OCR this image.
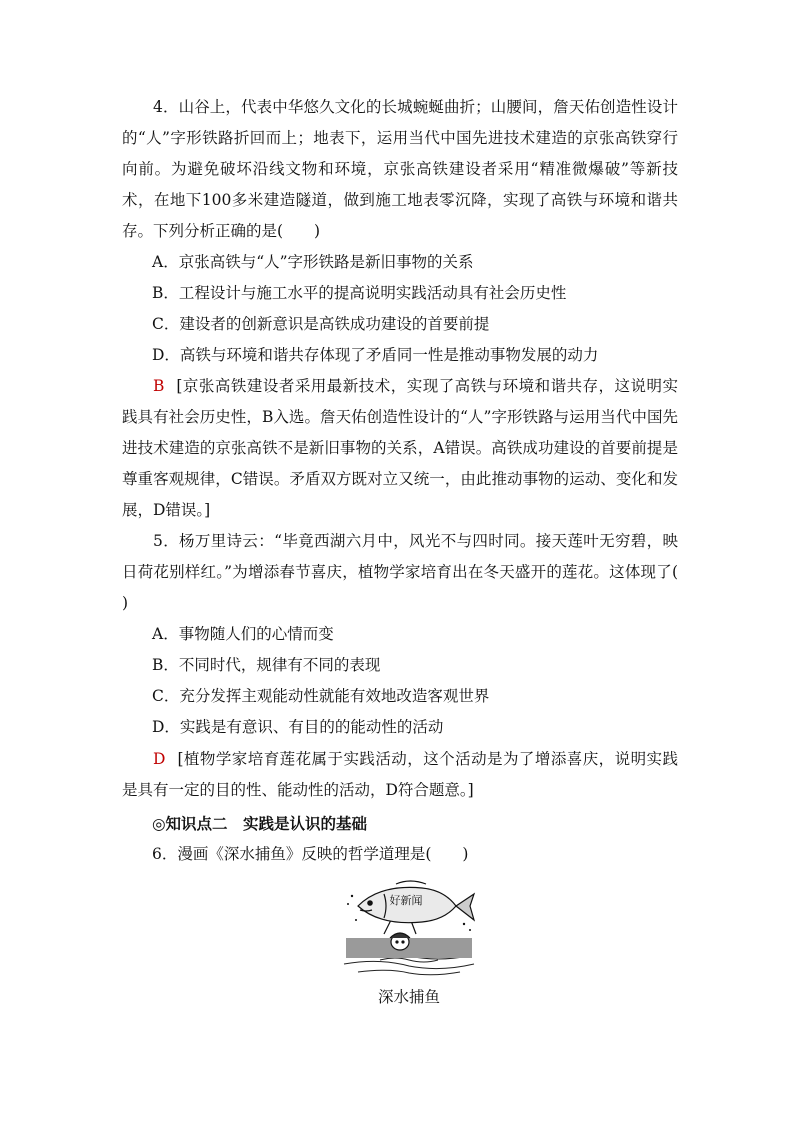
4．山谷上，代表中华悠久文化的长城蜿蜒曲折；山腰间，詹天佑创造性设计的“人”字形铁路折回而上；地表下，运用当代中国先进技术建造的京张高铁穿行向前。为避免破坏沿线文物和环境，京张高铁建设者采用“精准微爆破”等新技术，在地下100多米建造隧道，做到施工地表零沉降，实现了高铁与环境和谐共存。下列分析正确的是(　　)

A．京张高铁与“人”字形铁路是新旧事物的关系

B．工程设计与施工水平的提高说明实践活动具有社会历史性

C．建设者的创新意识是高铁成功建设的首要前提

D．高铁与环境和谐共存体现了矛盾同一性是推动事物发展的动力

B [京张高铁建设者采用最新技术，实现了高铁与环境和谐共存，这说明实践具有社会历史性，B入选。詹天佑创造性设计的“人”字形铁路与运用当代中国先进技术建造的京张高铁不是新旧事物的关系，A错误。高铁成功建设的首要前提是尊重客观规律，C错误。矛盾双方既对立又统一，由此推动事物的运动、变化和发展，D错误。]

5．杨万里诗云：“毕竟西湖六月中，风光不与四时同。接天莲叶无穷碧，映日荷花别样红。”为增添春节喜庆，植物学家培育出在冬天盛开的莲花。这体现了(　　)

A．事物随人们的心情而变

B．不同时代，规律有不同的表现

C．充分发挥主观能动性就能有效地改造客观世界

D．实践是有意识、有目的的能动性的活动

D [植物学家培育莲花属于实践活动，这个活动是为了增添喜庆，说明实践是具有一定的目的性、能动性的活动，D符合题意。]

◎知识点二　实践是认识的基础

6．漫画《深水捕鱼》反映的哲学道理是(　　)

好新闻

深水捕鱼
